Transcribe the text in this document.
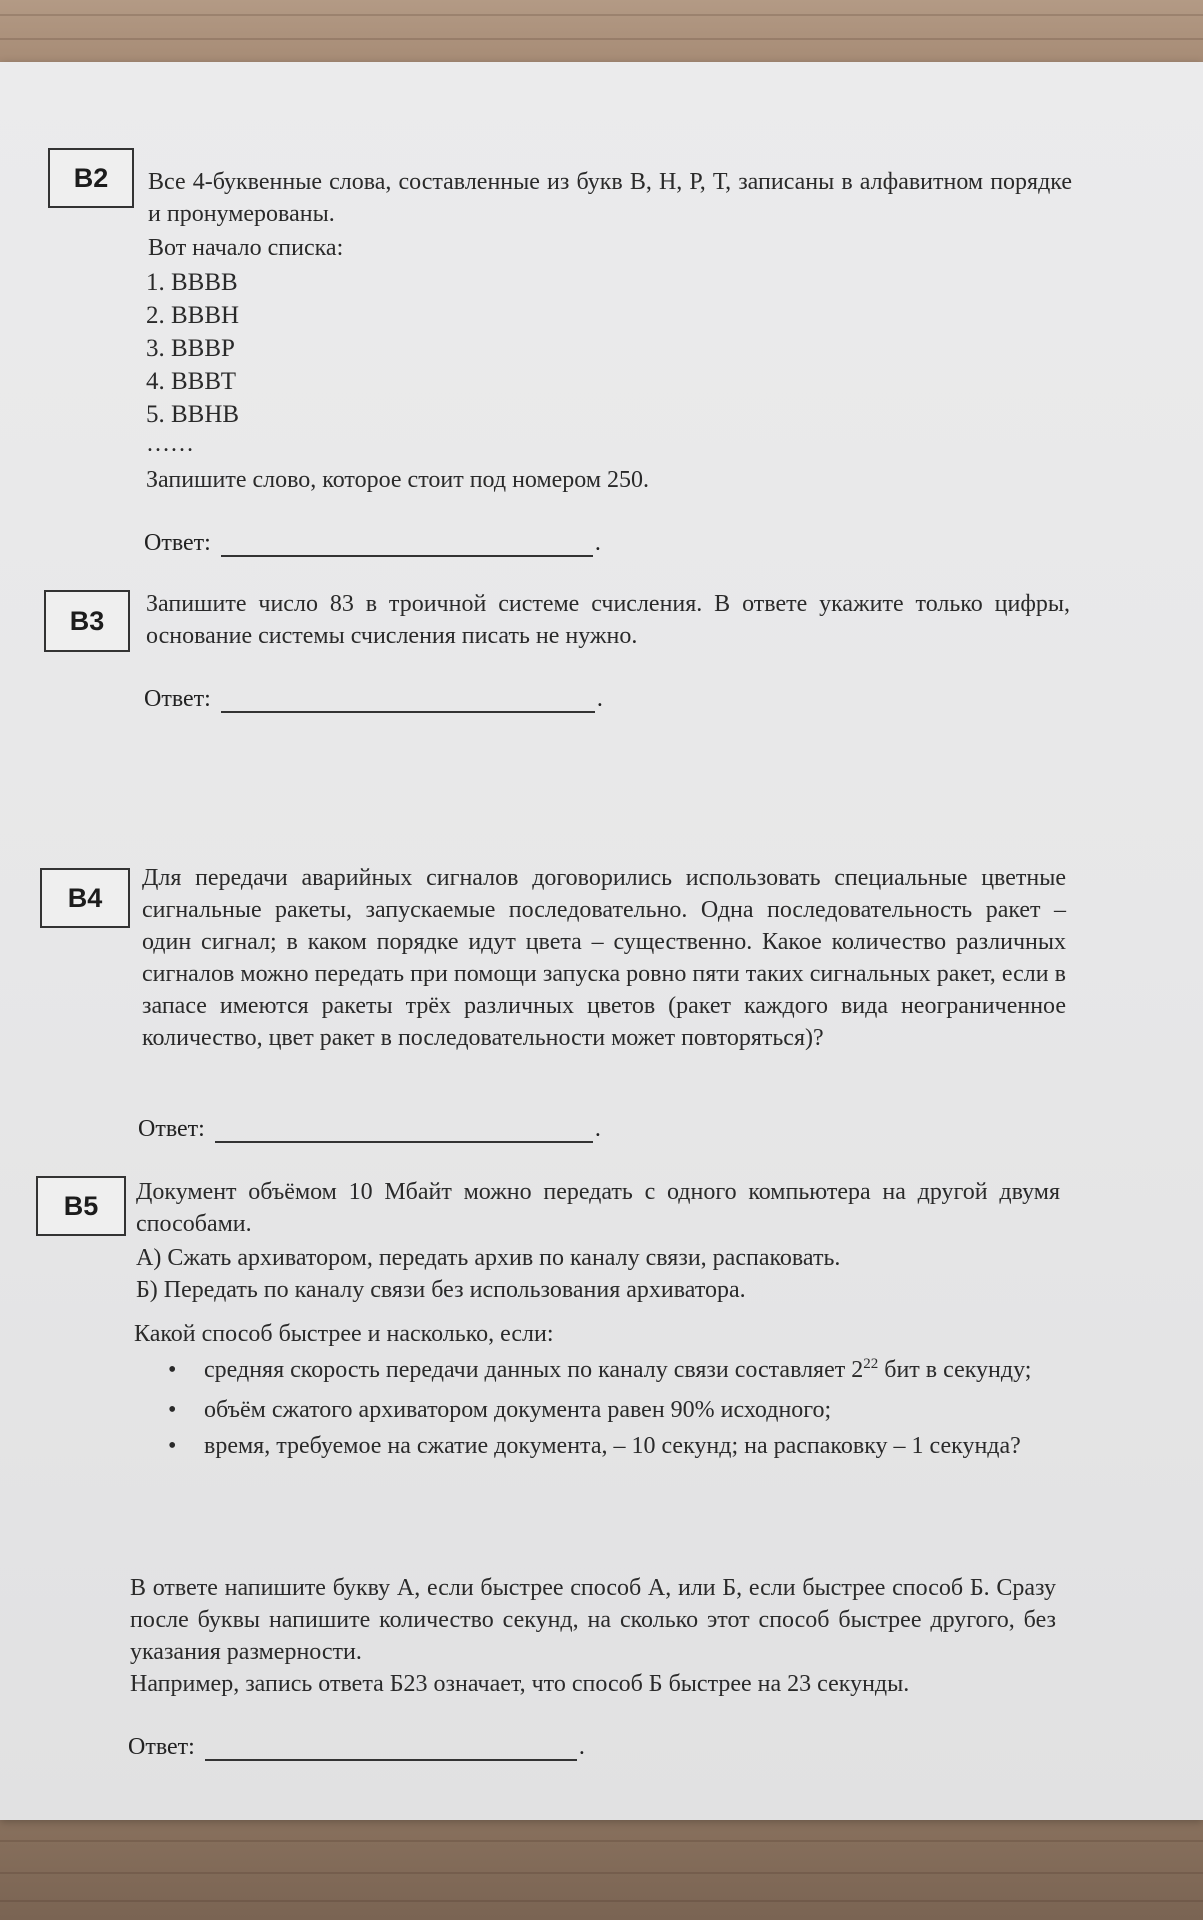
B2	Все 4-буквенные слова, составленные из букв В, Н, Р, Т, записаны в алфавитном порядке и пронумерованы.
Вот начало списка:
1. ВВВВ
2. ВВВН
3. ВВВР
4. ВВВТ
5. ВВНВ
……
Запишите слово, которое стоит под номером 250.
Ответ:	.
B3
Запишите число 83 в троичной системе счисления. В ответе укажите только цифры, основание системы счисления писать не нужно.
Ответ:	.
B4
Для передачи аварийных сигналов договорились использовать специальные цветные сигнальные ракеты, запускаемые последовательно. Одна последовательность ракет – один сигнал; в каком порядке идут цвета – существенно. Какое количество различных сигналов можно передать при помощи запуска ровно пяти таких сигнальных ракет, если в запасе имеются ракеты трёх различных цветов (ракет каждого вида неограниченное количество, цвет ракет в последовательности может повторяться)?
Ответ:	.
B5	Документ объёмом 10 Мбайт можно передать с одного компьютера на другой двумя способами.
А) Сжать архиватором, передать архив по каналу связи, распаковать.
Б) Передать по каналу связи без использования архиватора.
Какой способ быстрее и насколько, если:
• средняя скорость передачи данных по каналу связи составляет $2^{22}$ бит в секунду;
• объём сжатого архиватором документа равен 90% исходного;
• время, требуемое на сжатие документа, – 10 секунд; на распаковку – 1 секунда?
В ответе напишите букву А, если быстрее способ А, или Б, если быстрее способ Б. Сразу после буквы напишите количество секунд, на сколько этот способ быстрее другого, без указания размерности.
Например, запись ответа Б23 означает, что способ Б быстрее на 23 секунды.
Ответ:	.
